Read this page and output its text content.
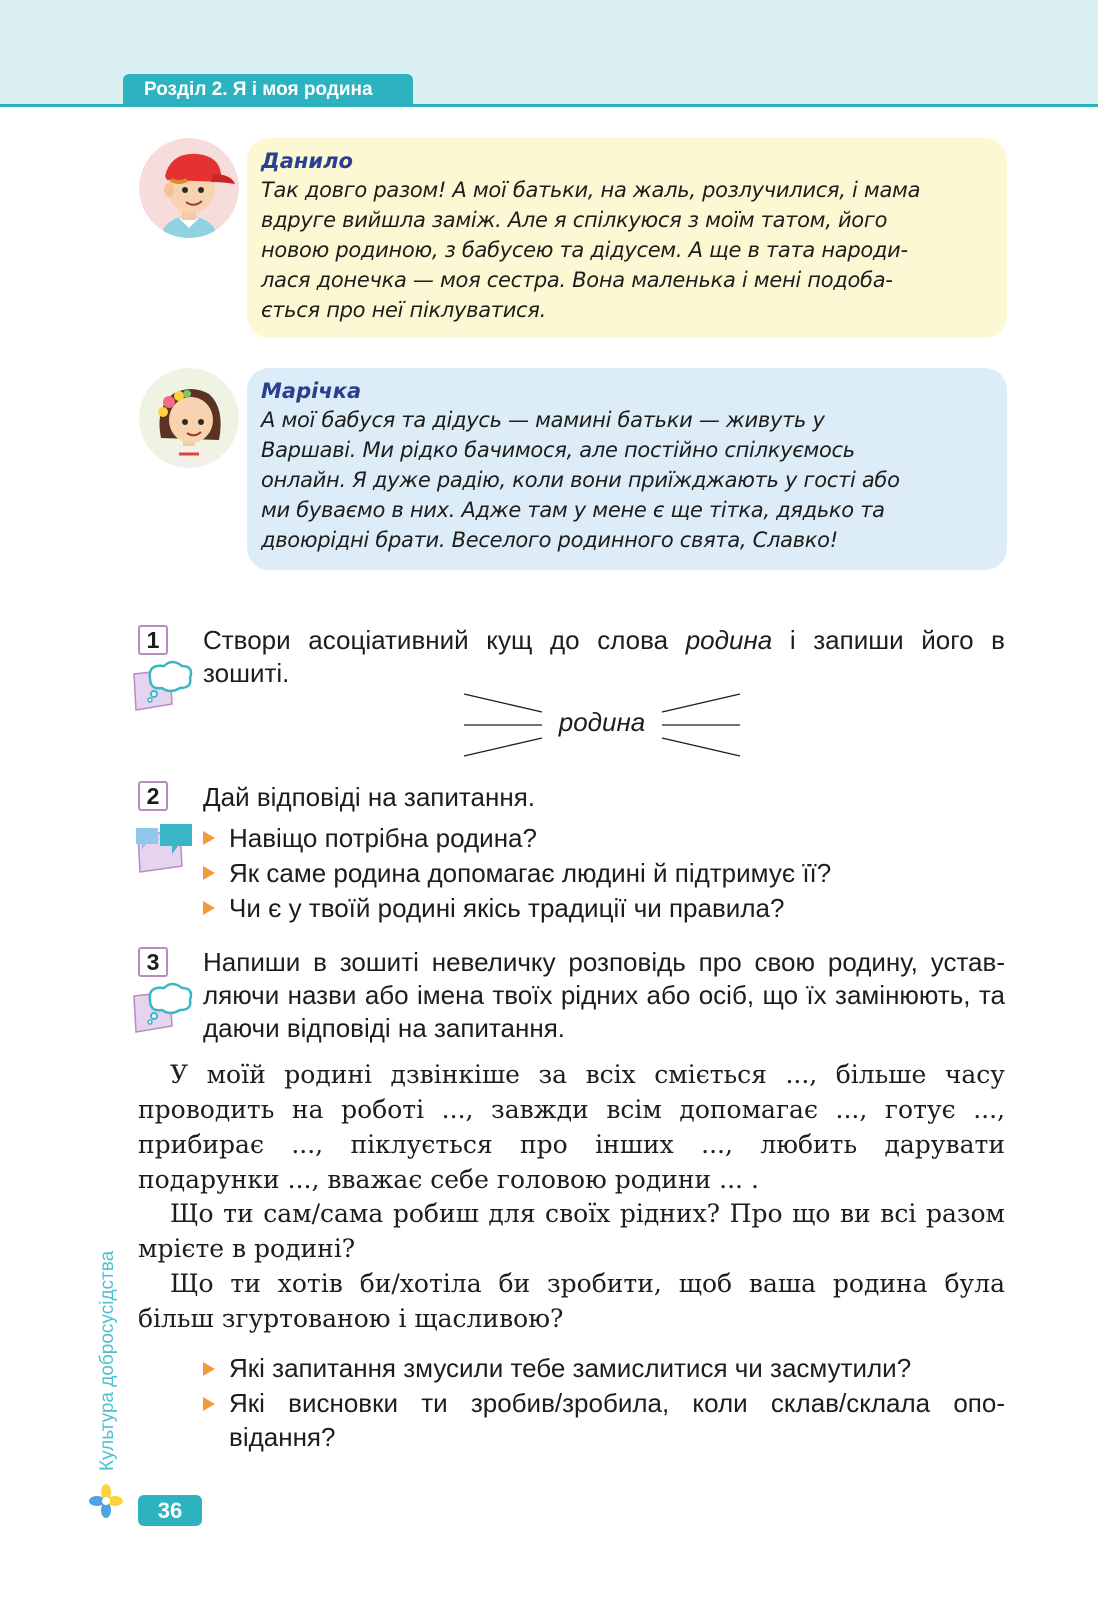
Розділ 2. Я і моя родина
Данило
Так довго разом! А мої батьки, на жаль, розлучилися, і мама
вдруге вийшла заміж. Але я спілкуюся з моїм татом, його
новою родиною, з бабусею та дідусем. А ще в тата народи-
лася донечка — моя сестра. Вона маленька і мені подоба-
ється про неї піклуватися.
Марічка
А мої бабуся та дідусь — мамині батьки — живуть у
Варшаві. Ми рідко бачимося, але постійно спілкуємось
онлайн. Я дуже радію, коли вони приїжджають у гості або
ми буваємо в них. Адже там у мене є ще тітка, дядько та
двоюрідні брати. Веселого родинного свята, Славко!
1	Створи асоціативний кущ до слова родина і запиши його в зошиті.
родина
2	Дай відповіді на запитання.
Навіщо потрібна родина?
Як саме родина допомагає людині й підтримує її?
Чи є у твоїй родині якісь традиції чи правила?
3	Напиши в зошиті невеличку розповідь про свою родину, устав- ляючи назви або імена твоїх рідних або осіб, що їх замінюють, та даючи відповіді на запитання.
У моїй родині дзвінкіше за всіх сміється ..., більше часу проводить на роботі ..., завжди всім допомагає ..., готує ..., прибирає ..., піклується про інших ..., любить дарувати подарунки ..., вважає себе головою родини ... .
Що ти сам/сама робиш для своїх рідних? Про що ви всі разом мрієте в родині?
Що ти хотів би/хотіла би зробити, щоб ваша родина була більш згуртованою і щасливою?
Які запитання змусили тебе замислитися чи засмутили?
Які висновки ти зробив/зробила, коли склав/склала опо- відання?
Культура добросусідства
36
